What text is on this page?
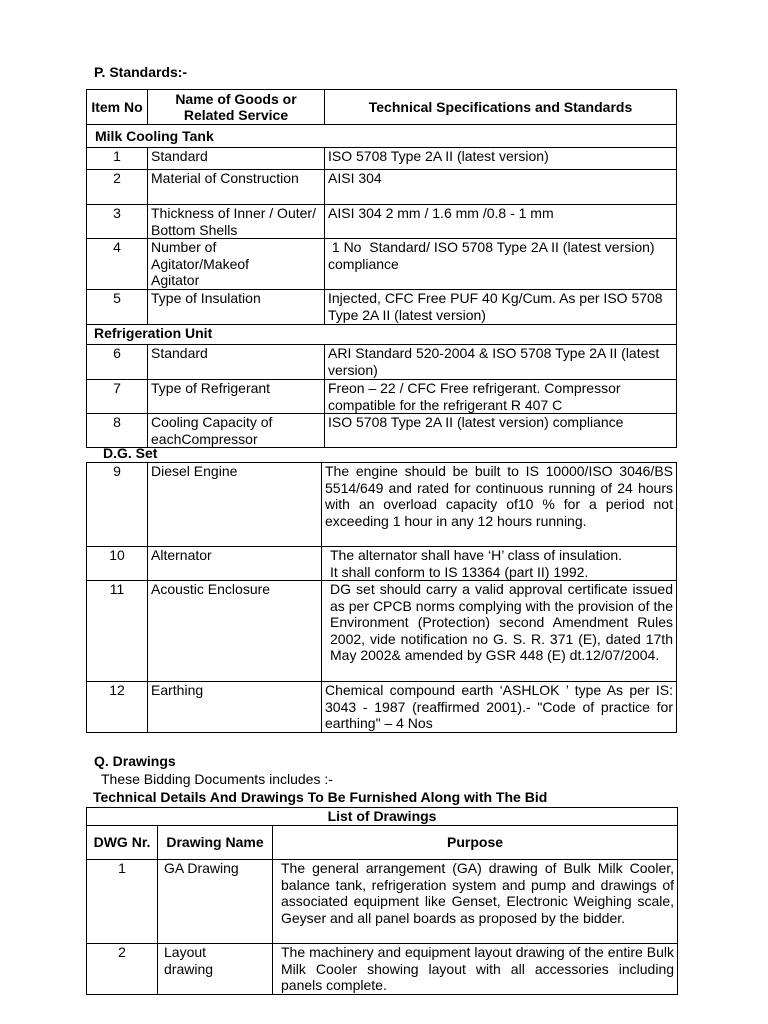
P. Standards:-
Item No	Name of Goods or Related Service	Technical Specifications and Standards
Milk Cooling Tank		
1	Standard	ISO 5708 Type 2A II (latest version)
2	Material of Construction	AISI 304
3	Thickness of Inner / Outer/ Bottom Shells	AISI 304 2 mm / 1.6 mm /0.8 - 1 mm
4	Number of Agitator/Makeof Agitator	1 No  Standard/ ISO 5708 Type 2A II (latest version) compliance
5	Type of Insulation	Injected, CFC Free PUF 40 Kg/Cum. As per ISO 5708 Type 2A II (latest version)
Refrigeration Unit		
6	Standard	ARI Standard 520-2004 & ISO 5708 Type 2A II (latest version)
7	Type of Refrigerant	Freon – 22 / CFC Free refrigerant. Compressor compatible for the refrigerant R 407 C
8	Cooling Capacity of eachCompressor	ISO 5708 Type 2A II (latest version) compliance
D.G. Set
9	Diesel Engine	The engine should be built to IS 10000/ISO 3046/BS 5514/649 and rated for continuous running of 24 hours with an overload capacity of10 % for a period not exceeding 1 hour in any 12 hours running.
10	Alternator	The alternator shall have ‘H’ class of insulation.
It shall conform to IS 13364 (part II) 1992.

11	Acoustic Enclosure	DG set should carry a valid approval certificate issued as per CPCB norms complying with the provision of the Environment (Protection) second Amendment Rules 2002, vide notification no G. S. R. 371 (E), dated 17th May 2002& amended by GSR 448 (E) dt.12/07/2004.
12	Earthing	Chemical compound earth ‘ASHLOK ’ type As per IS: 3043 - 1987 (reaffirmed 2001).- "Code of practice for earthing" – 4 Nos
Q. Drawings
These Bidding Documents includes :-
Technical Details And Drawings To Be Furnished Along with The Bid
List of Drawings		
DWG Nr.	Drawing Name	Purpose
1	GA Drawing	The general arrangement (GA) drawing of Bulk Milk Cooler, balance tank, refrigeration system and pump and drawings of associated equipment like Genset, Electronic Weighing scale, Geyser and all panel boards as proposed by the bidder.
2	Layout drawing	The machinery and equipment layout drawing of the entire Bulk Milk Cooler showing layout with all accessories including panels complete.
